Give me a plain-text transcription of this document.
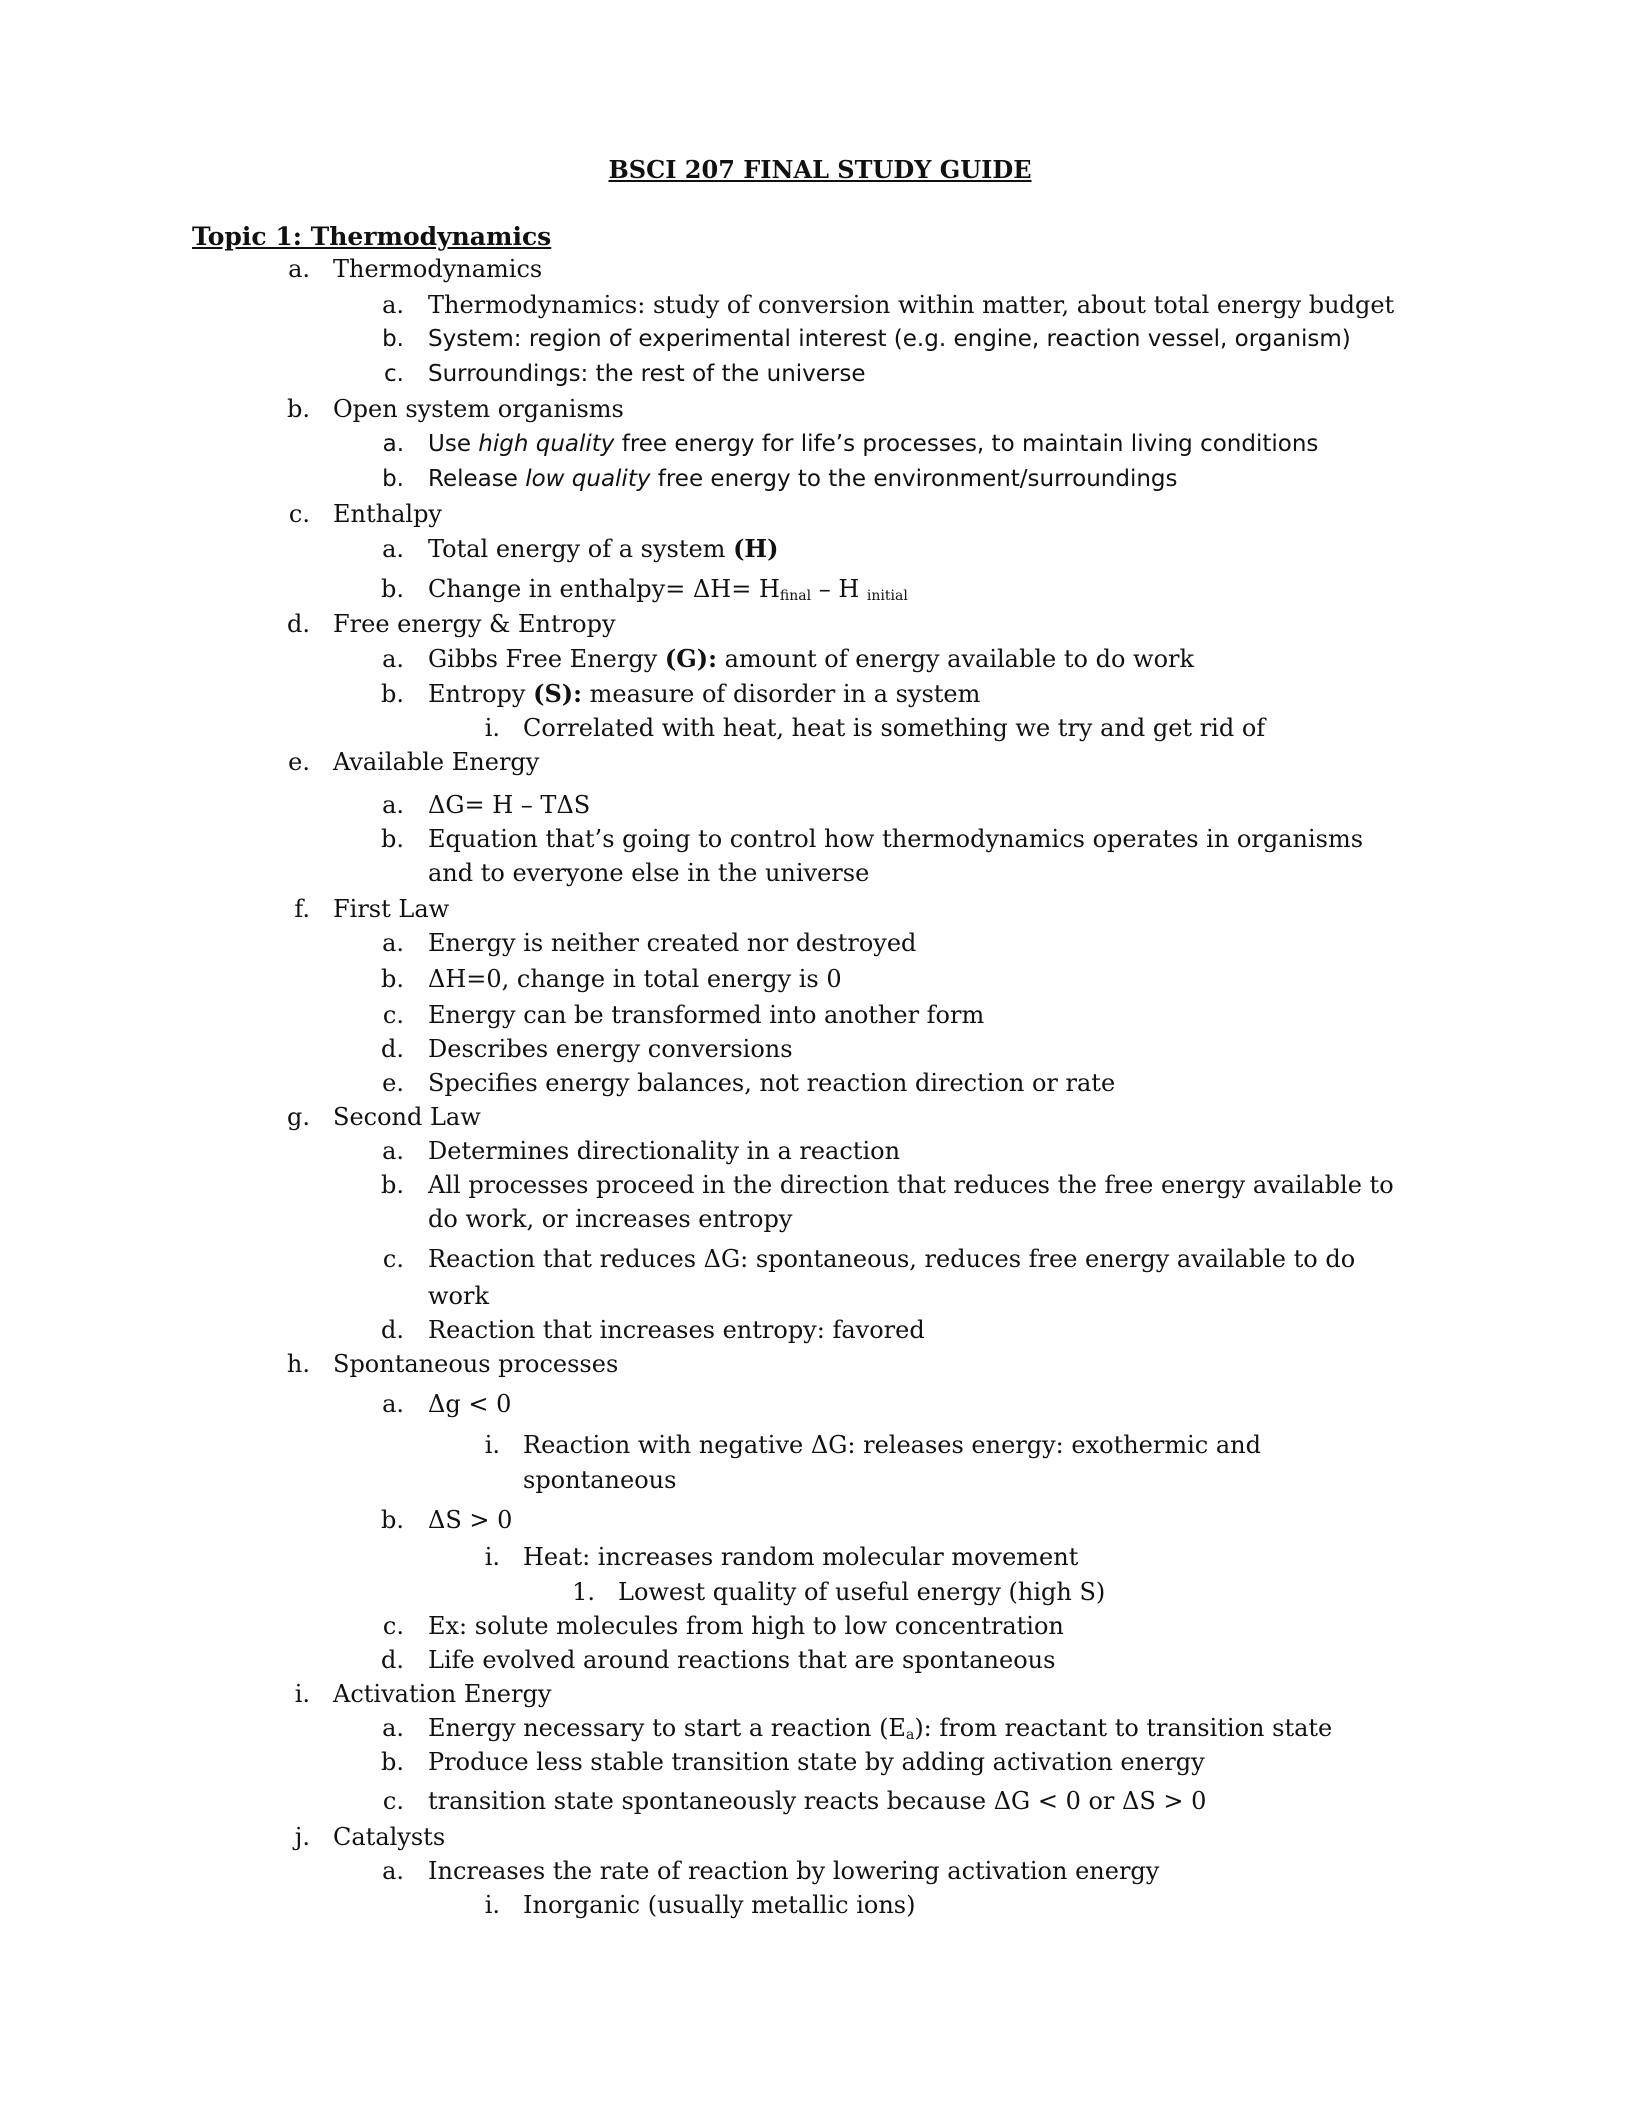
BSCI 207 FINAL STUDY GUIDE
Topic 1: Thermodynamics
a. Thermodynamics
a. Thermodynamics: study of conversion within matter, about total energy budget
b. System: region of experimental interest (e.g. engine, reaction vessel, organism)
c. Surroundings: the rest of the universe
b. Open system organisms
a. Use high quality free energy for life’s processes, to maintain living conditions
b. Release low quality free energy to the environment/surroundings
c. Enthalpy
a. Total energy of a system (H)
b. Change in enthalpy= $\Delta H= H_{final} - H$ $_{initial}$
d. Free energy & Entropy
a. Gibbs Free Energy (G): amount of energy available to do work
b. Entropy (S): measure of disorder in a system
i. Correlated with heat, heat is something we try and get rid of
e. Available Energy
a. ΔG= H – TΔS
b. Equation that’s going to control how thermodynamics operates in organisms
and to everyone else in the universe
f. First Law
a. Energy is neither created nor destroyed
b. ΔH=0, change in total energy is 0
c. Energy can be transformed into another form
d. Describes energy conversions
e. Specifies energy balances, not reaction direction or rate
g. Second Law
a. Determines directionality in a reaction
b. All processes proceed in the direction that reduces the free energy available to
do work, or increases entropy
c. Reaction that reduces ΔG: spontaneous, reduces free energy available to do
work
d. Reaction that increases entropy: favored
h. Spontaneous processes
a. Δg < 0
i. Reaction with negative ΔG: releases energy: exothermic and
spontaneous
b. ΔS > 0
i. Heat: increases random molecular movement
1. Lowest quality of useful energy (high S)
c. Ex: solute molecules from high to low concentration
d. Life evolved around reactions that are spontaneous
i. Activation Energy
a. Energy necessary to start a reaction $(E_a)$: from reactant to transition state
b. Produce less stable transition state by adding activation energy
c. transition state spontaneously reacts because ΔG < 0 or ΔS > 0
j. Catalysts
a. Increases the rate of reaction by lowering activation energy
i. Inorganic (usually metallic ions)
